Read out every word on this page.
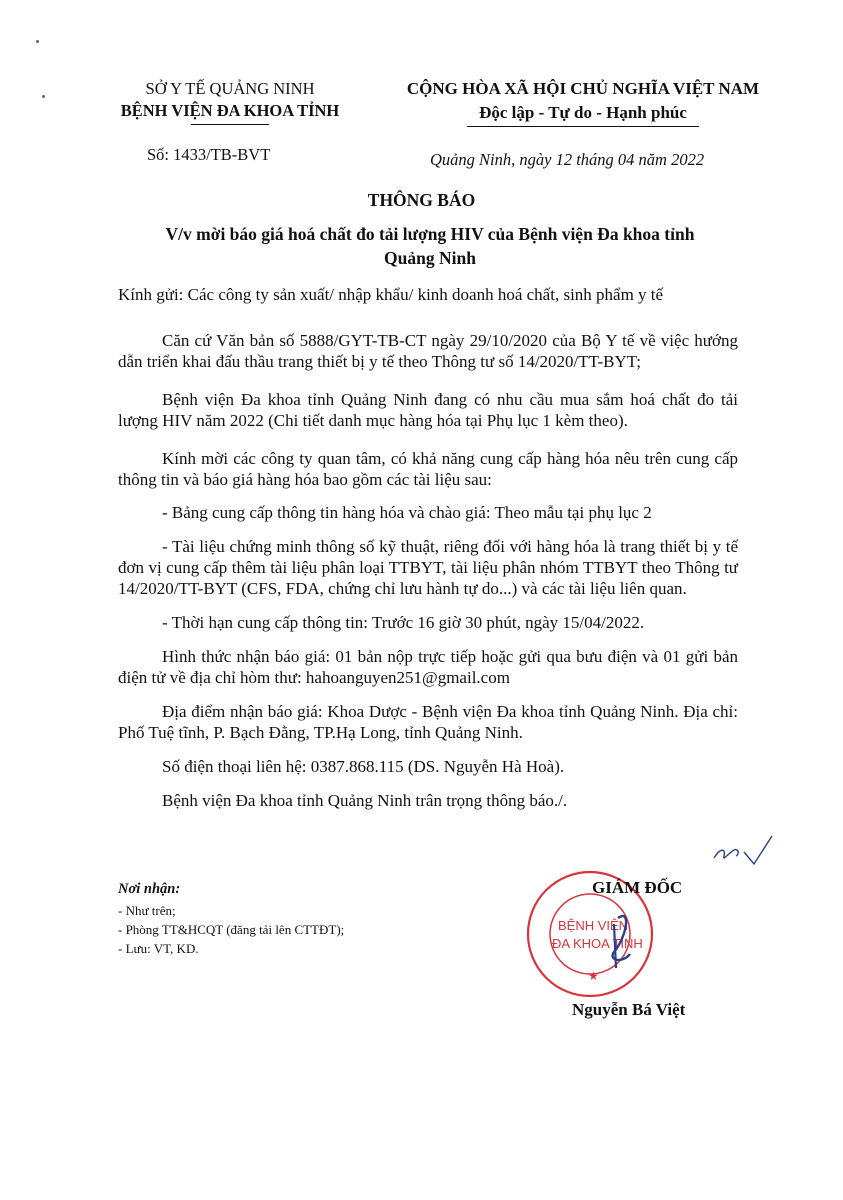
SỞ Y TẾ QUẢNG NINH
BỆNH VIỆN ĐA KHOA TỈNH
CỘNG HÒA XÃ HỘI CHỦ NGHĨA VIỆT NAM
Độc lập - Tự do - Hạnh phúc
Số: 1433/TB-BVT	Quảng Ninh, ngày 12 tháng 04 năm 2022
THÔNG BÁO
V/v mời báo giá hoá chất đo tải lượng HIV của Bệnh viện Đa khoa tỉnh Quảng Ninh
Kính gửi: Các công ty sản xuất/ nhập khẩu/ kinh doanh hoá chất, sinh phẩm y tế

Căn cứ Văn bản số 5888/GYT-TB-CT ngày 29/10/2020 của Bộ Y tế về việc hướng dẫn triển khai đấu thầu trang thiết bị y tế theo Thông tư số 14/2020/TT-BYT;

Bệnh viện Đa khoa tỉnh Quảng Ninh đang có nhu cầu mua sắm hoá chất đo tải lượng HIV năm 2022 (Chi tiết danh mục hàng hóa tại Phụ lục 1 kèm theo).

Kính mời các công ty quan tâm, có khả năng cung cấp hàng hóa nêu trên cung cấp thông tin và báo giá hàng hóa bao gồm các tài liệu sau:

- Bảng cung cấp thông tin hàng hóa và chào giá: Theo mẫu tại phụ lục 2

- Tài liệu chứng minh thông số kỹ thuật, riêng đối với hàng hóa là trang thiết bị y tế đơn vị cung cấp thêm tài liệu phân loại TTBYT, tài liệu phân nhóm TTBYT theo Thông tư 14/2020/TT-BYT (CFS, FDA, chứng chỉ lưu hành tự do...) và các tài liệu liên quan.

- Thời hạn cung cấp thông tin: Trước 16 giờ 30 phút, ngày 15/04/2022.

Hình thức nhận báo giá: 01 bản nộp trực tiếp hoặc gửi qua bưu điện và 01 gửi bản điện tử về địa chỉ hòm thư: hahoanguyen251@gmail.com

Địa điểm nhận báo giá: Khoa Dược - Bệnh viện Đa khoa tỉnh Quảng Ninh. Địa chỉ: Phố Tuệ tĩnh, P. Bạch Đằng, TP.Hạ Long, tỉnh Quảng Ninh.

Số điện thoại liên hệ: 0387.868.115 (DS. Nguyễn Hà Hoà).

Bệnh viện Đa khoa tỉnh Quảng Ninh trân trọng thông báo./.

Nơi nhận:
- Như trên;
- Phòng TT&HCQT (đăng tải lên CTTĐT);
- Lưu: VT, KD.
BỆNH VIỆN
ĐA KHOA TỈNH
★
GIÁM ĐỐC
Nguyễn Bá Việt
